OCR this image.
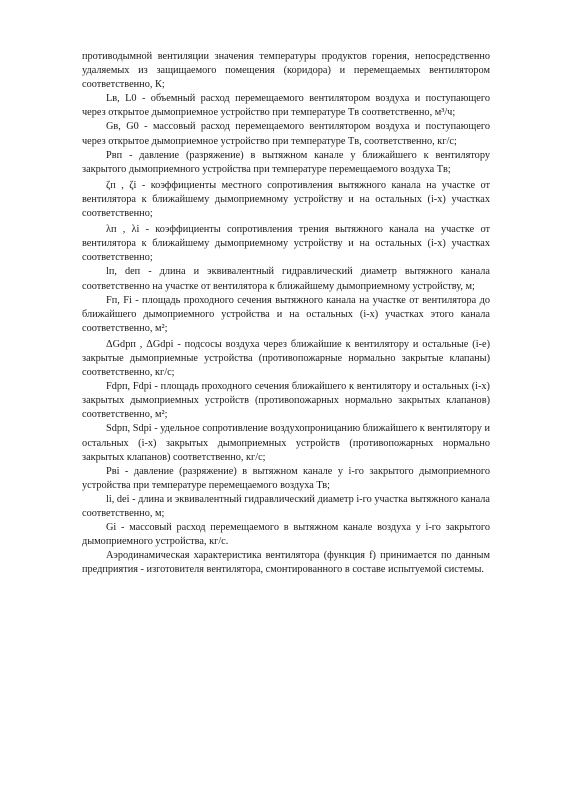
противодымной вентиляции значения температуры продуктов горения, непосредственно удаляемых из защищаемого помещения (коридора) и перемещаемых вентилятором соответственно, К;

Lв, L0 - объемный расход перемещаемого вентилятором воздуха и поступающего через открытое дымоприемное устройство при температуре Tв соответственно, м³/ч;

Gв, G0 - массовый расход перемещаемого вентилятором воздуха и поступающего через открытое дымоприемное устройство при температуре Tв, соответственно, кг/с;

Рвп - давление (разряжение) в вытяжном канале у ближайшего к вентилятору закрытого дымоприемного устройства при температуре перемещаемого воздуха Tв;

ζп , ζi - коэффициенты местного сопротивления вытяжного канала на участке от вентилятора к ближайшему дымоприемному устройству и на остальных (i-х) участках соответственно;

λп , λi - коэффициенты сопротивления трения вытяжного канала на участке от вентилятора к ближайшему дымоприемному устройству и на остальных (i-х) участках соответственно;

lп, dеп - длина и эквивалентный гидравлический диаметр вытяжного канала соответственно на участке от вентилятора к ближайшему дымоприемному устройству, м;

Fп, Fi - площадь проходного сечения вытяжного канала на участке от вентилятора до ближайшего дымоприемного устройства и на остальных (i-х) участках этого канала соответственно, м²;

ΔGdpп , ΔGdpi - подсосы воздуха через ближайшие к вентилятору и остальные (i-е) закрытые дымоприемные устройства (противопожарные нормально закрытые клапаны) соответственно, кг/с;

Fdpп, Fdpi - площадь проходного сечения ближайшего к вентилятору и остальных (i-х) закрытых дымоприемных устройств (противопожарных нормально закрытых клапанов) соответственно, м²;

Sdpп, Sdpi - удельное сопротивление воздухопроницанию ближайшего к вентилятору и остальных (i-х) закрытых дымоприемных устройств (противопожарных нормально закрытых клапанов) соответственно, кг/с;

Рвi - давление (разряжение) в вытяжном канале у i-го закрытого дымоприемного устройства при температуре перемещаемого воздуха Тв;

li, dеi - длина и эквивалентный гидравлический диаметр i-го участка вытяжного канала соответственно, м;

Gi - массовый расход перемещаемого в вытяжном канале воздуха у i-го закрытого дымоприемного устройства, кг/с.

Аэродинамическая характеристика вентилятора (функция f) принимается по данным предприятия - изготовителя вентилятора, смонтированного в составе испытуемой системы.
